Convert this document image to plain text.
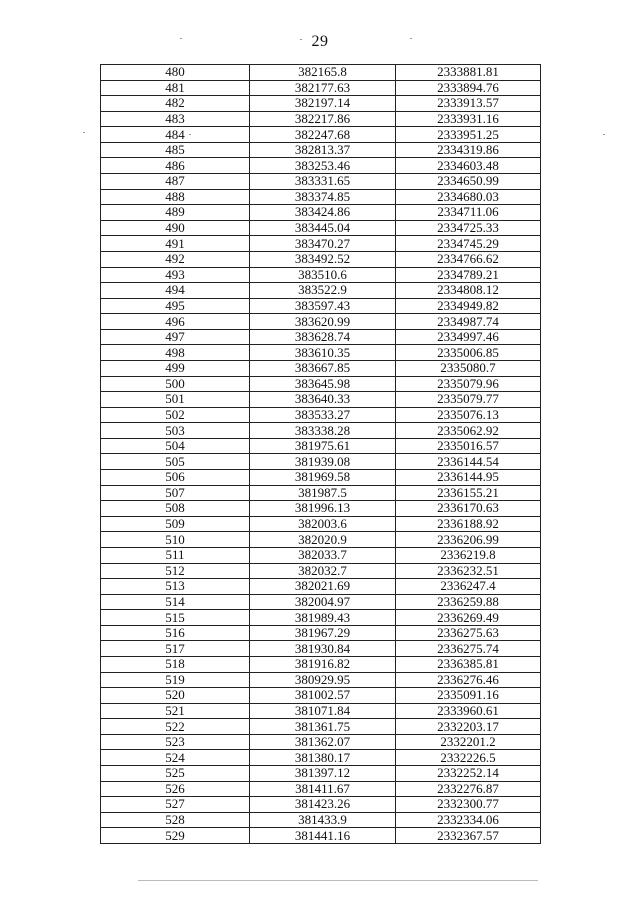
29
480	382165.8	2333881.81
481	382177.63	2333894.76
482	382197.14	2333913.57
483	382217.86	2333931.16
484	382247.68	2333951.25
485	382813.37	2334319.86
486	383253.46	2334603.48
487	383331.65	2334650.99
488	383374.85	2334680.03
489	383424.86	2334711.06
490	383445.04	2334725.33
491	383470.27	2334745.29
492	383492.52	2334766.62
493	383510.6	2334789.21
494	383522.9	2334808.12
495	383597.43	2334949.82
496	383620.99	2334987.74
497	383628.74	2334997.46
498	383610.35	2335006.85
499	383667.85	2335080.7
500	383645.98	2335079.96
501	383640.33	2335079.77
502	383533.27	2335076.13
503	383338.28	2335062.92
504	381975.61	2335016.57
505	381939.08	2336144.54
506	381969.58	2336144.95
507	381987.5	2336155.21
508	381996.13	2336170.63
509	382003.6	2336188.92
510	382020.9	2336206.99
511	382033.7	2336219.8
512	382032.7	2336232.51
513	382021.69	2336247.4
514	382004.97	2336259.88
515	381989.43	2336269.49
516	381967.29	2336275.63
517	381930.84	2336275.74
518	381916.82	2336385.81
519	380929.95	2336276.46
520	381002.57	2335091.16
521	381071.84	2333960.61
522	381361.75	2332203.17
523	381362.07	2332201.2
524	381380.17	2332226.5
525	381397.12	2332252.14
526	381411.67	2332276.87
527	381423.26	2332300.77
528	381433.9	2332334.06
529	381441.16	2332367.57
